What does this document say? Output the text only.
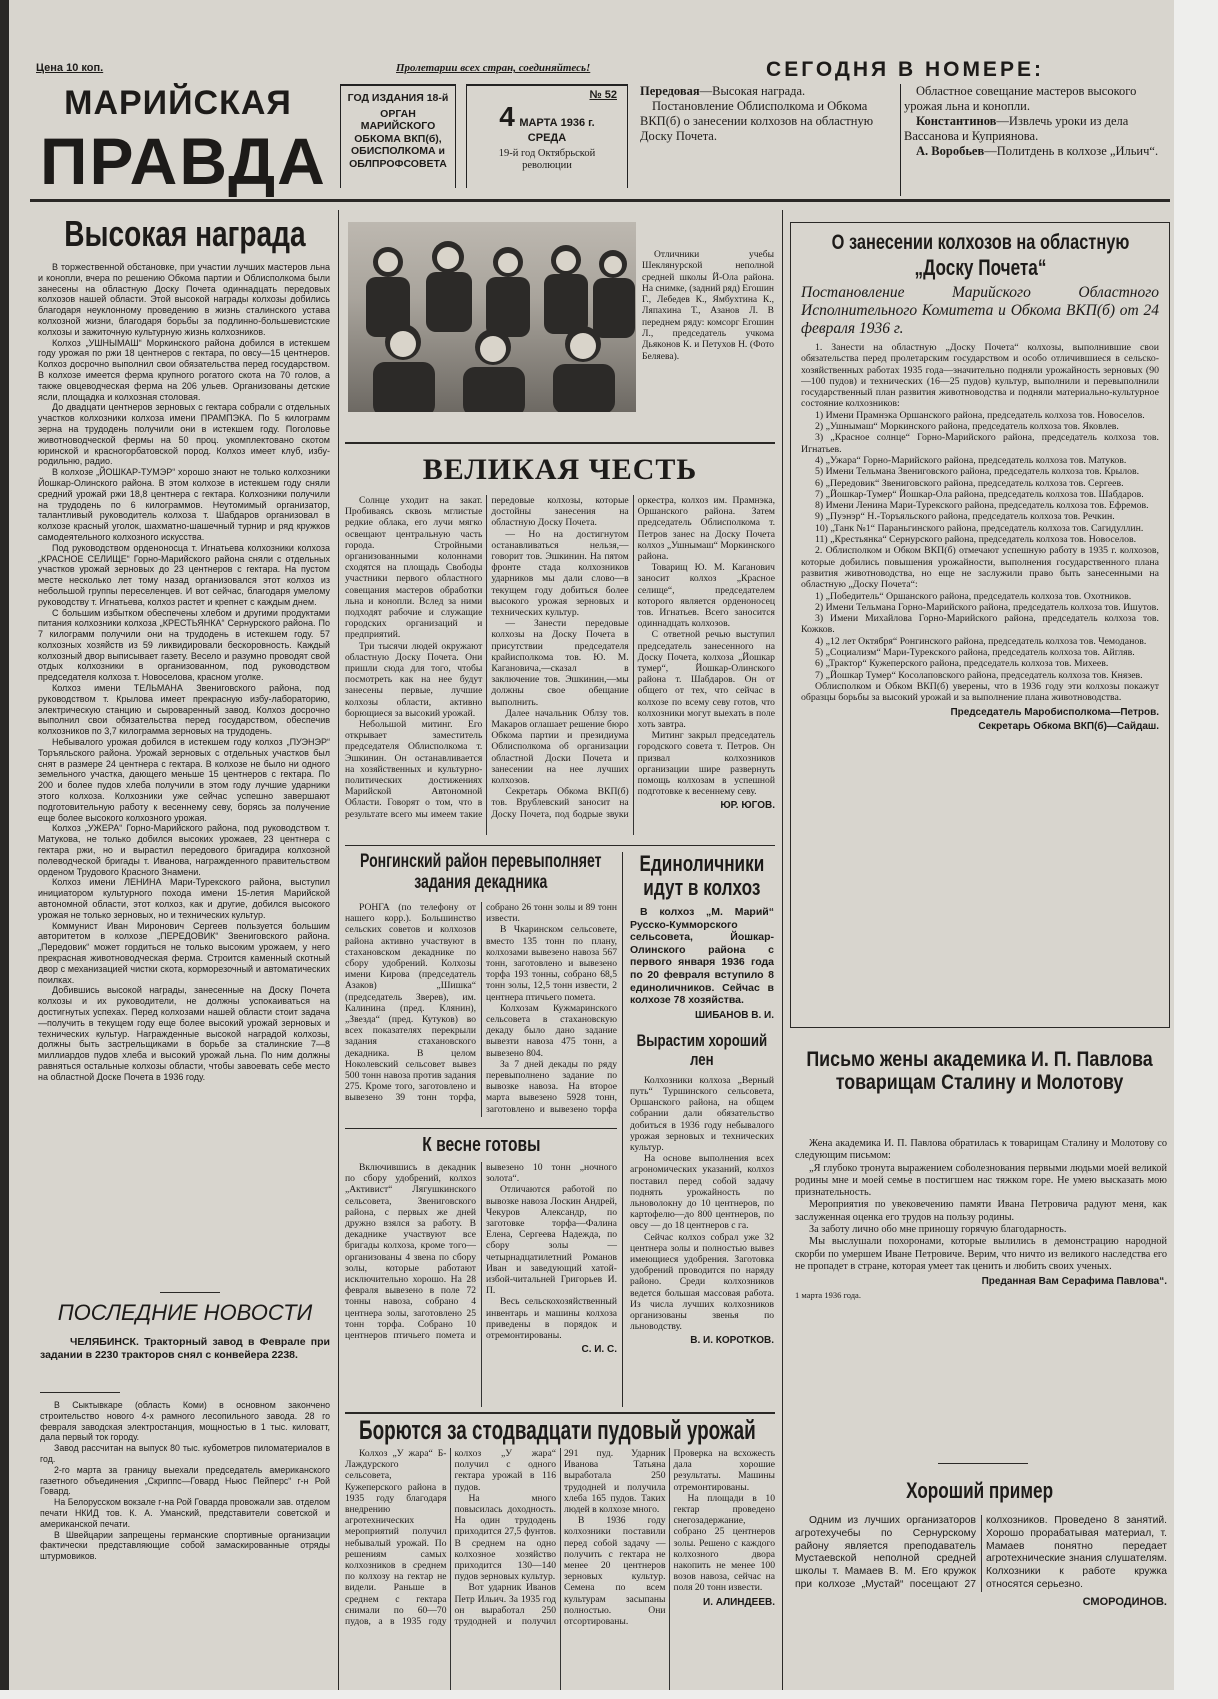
Цена 10 коп.	Пролетарии всех стран, соединяйтесь!
МАРИЙСКАЯ
ПРАВДА
ГОД ИЗДАНИЯ 18-й
ОРГАН
МАРИЙСКОГО
ОБКОМА ВКП(б),
ОБИСПОЛКОМА и
ОБЛПРОФСОВЕТА
№ 52
4 МАРТА 1936 г.
СРЕДА
19-й год Октябрьской революции
СЕГОДНЯ В НОМЕРЕ:

Передовая—Высокая награда.

Постановление Облисполкома и Обкома ВКП(б) о занесении колхозов на областную Доску Почета.

Областное совещание мастеров высокого урожая льна и конопли.

Константинов—Извлечь уроки из дела Вассанова и Куприянова.

А. Воробьев—Политдень в колхозе „Ильич“.

Высокая награда

В торжественной обстановке, при участии лучших мастеров льна и конопли, вчера по решению Обкома партии и Облисполкома были занесены на областную Доску Почета одиннадцать передовых колхозов нашей области. Этой высокой награды колхозы добились благодаря неуклонному проведению в жизнь сталинского устава колхозной жизни, благодаря борьбы за подлинно-большевистские колхозы и зажиточную культурную жизнь колхозников.

Колхоз „УШНЫМАШ“ Моркинского района добился в истекшем году урожая по ржи 18 центнеров с гектара, по овсу—15 центнеров. Колхоз досрочно выполнил свои обязательства перед государством. В колхозе имеется ферма крупного рогатого скота на 70 голов, а также овцеводческая ферма на 206 ульев. Организованы детские ясли, площадка и колхозная столовая.

До двадцати центнеров зерновых с гектара собрали с отдельных участков колхозники колхоза имени ПРАМПЭКА. По 5 килограмм зерна на трудодень получили они в истекшем году. Поголовье животноводческой фермы на 50 проц. укомплектовано скотом юринской и красногорбатовской пород. Колхоз имеет клуб, избу-родильню, радио.

В колхозе „ЙОШКАР-ТУМЭР“ хорошо знают не только колхозники Йошкар-Олинского района. В этом колхозе в истекшем году сняли средний урожай ржи 18,8 центнера с гектара. Колхозники получили на трудодень по 6 килограммов. Неутомимый организатор, талантливый руководитель колхоза т. Шабдаров организовал в колхозе красный уголок, шахматно-шашечный турнир и ряд кружков самодеятельного колхозного искусства.

Под руководством орденоносца т. Игнатьева колхозники колхоза „КРАСНОЕ СЕЛИЩЕ“ Горно-Марийского района сняли с отдельных участков урожай зерновых до 23 центнеров с гектара. На пустом месте несколько лет тому назад организовался этот колхоз из небольшой группы переселенцев. И вот сейчас, благодаря умелому руководству т. Игнатьева, колхоз растет и крепнет с каждым днем.

С большим избытком обеспечены хлебом и другими продуктами питания колхозники колхоза „КРЕСТЬЯНКА“ Сернурского района. По 7 килограмм получили они на трудодень в истекшем году. 57 колхозных хозяйств из 59 ликвидировали бескоровность. Каждый колхозный двор выписывает газету. Весело и разумно проводят свой отдых колхозники в организованном, под руководством председателя колхоза т. Новоселова, красном уголке.

Колхоз имени ТЕЛЬМАНА Звениговского района, под руководством т. Крылова имеет прекрасную избу-лабораторию, электрическую станцию и сыроваренный завод. Колхоз досрочно выполнил свои обязательства перед государством, обеспечив колхозников по 3,7 килограмма зерновых на трудодень.

Небывалого урожая добился в истекшем году колхоз „ПУЭНЭР“ Торъяльского района. Урожай зерновых с отдельных участков был снят в размере 24 центнера с гектара. В колхозе не было ни одного земельного участка, дающего меньше 15 центнеров с гектара. По 200 и более пудов хлеба получили в этом году лучшие ударники этого колхоза. Колхозники уже сейчас успешно завершают подготовительную работу к весеннему севу, борясь за получение еще более высокого колхозного урожая.

Колхоз „УЖЕРА“ Горно-Марийского района, под руководством т. Матукова, не только добился высоких урожаев, 23 центнера с гектара ржи, но и вырастил передового бригадира колхозной полеводческой бригады т. Иванова, награжденного правительством орденом Трудового Красного Знамени.

Колхоз имени ЛЕНИНА Мари-Турекского района, выступил инициатором культурного похода имени 15-летия Марийской автономной области, этот колхоз, как и другие, добился высокого урожая не только зерновых, но и технических культур.

Коммунист Иван Миронович Сергеев пользуется большим авторитетом в колхозе „ПЕРЕДОВИК“ Звениговского района. „Передовик“ может гордиться не только высоким урожаем, у него прекрасная животноводческая ферма. Строится каменный скотный двор с механизацией чистки скота, корморезочный и автоматических поилках.

Добившись высокой награды, занесенные на Доску Почета колхозы и их руководители, не должны успокаиваться на достигнутых успехах. Перед колхозами нашей области стоит задача—получить в текущем году еще более высокий урожай зерновых и технических культур. Награжденные высокой наградой колхозы, должны быть застрельщиками в борьбе за сталинские 7—8 миллиардов пудов хлеба и высокий урожай льна. По ним должны равняться остальные колхозы области, чтобы завоевать себе место на областной Доске Почета в 1936 году.

ПОСЛЕДНИЕ НОВОСТИ
ЧЕЛЯБИНСК. Тракторный завод в Феврале при задании в 2230 тракторов снял с конвейера 2238.

В Сыктывкаре (область Коми) в основном закончено строительство нового 4-х рамного лесопильного завода. 28 го февраля заводская электростанция, мощностью в 1 тыс. киловатт, дала первый ток городу.

Завод рассчитан на выпуск 80 тыс. кубометров пиломатериалов в год.

2-го марта за границу выехали председатель американского газетного объединения „Скриппс—Говард Ньюс Пейперс“ г-н Рой Говард.

На Белорусском вокзале г-на Рой Говарда провожали зав. отделом печати НКИД тов. К. А. Уманский, представители советской и американской печати.

В Швейцарии запрещены германские спортивные организации фактически представляющие собой замаскированные отряды штурмовиков.

Отличники учебы Шеклянурской неполной средней школы Й-Ола района. На снимке, (задний ряд) Егошин Г., Лебедев К., Ямбухтина К., Ляпахина Т., Азанов Л. В переднем ряду: комсорг Егошин Л., председатель учкома Дьяконов К. и Петухов Н. (Фото Беляева).
ВЕЛИКАЯ ЧЕСТЬ

Солнце уходит на закат. Пробиваясь сквозь мглистые редкие облака, его лучи мягко освещают центральную часть города. Стройными организованными колоннами сходятся на площадь Свободы участники первого областного совещания мастеров обработки льна и конопли. Вслед за ними подходят рабочие и служащие городских организаций и предприятий.

Три тысячи людей окружают областную Доску Почета. Они пришли сюда для того, чтобы посмотреть как на нее будут занесены первые, лучшие колхозы области, активно борющиеся за высокий урожай.

Небольшой митинг. Его открывает заместитель председателя Облисполкома т. Эшкинин. Он останавливается на хозяйственных и культурно-политических достижениях Марийской Автономной Области. Говорят о том, что в результате всего мы имеем такие передовые колхозы, которые достойны занесения на областную Доску Почета.

— Но на достигнутом останавливаться нельзя,—говорит тов. Эшкинин. На пятом фронте стада колхозников ударников мы дали слово—в текущем году добиться более высокого урожая зерновых и технических культур.

— Занести передовые колхозы на Доску Почета в присутствии председателя крайисполкома тов. Ю. М. Кагановича,—сказал в заключение тов. Эшкинин,—мы должны свое обещание выполнить.

Далее начальник Облзу тов. Макаров оглашает решение бюро Обкома партии и президиума Облисполкома об организации областной Доски Почета и занесении на нее лучших колхозов.

Секретарь Обкома ВКП(б) тов. Врублевский заносит на Доску Почета, под бодрые звуки оркестра, колхоз им. Прамнэка, Оршанского района. Затем председатель Облисполкома т. Петров занес на Доску Почета колхоз „Ушнымаш“ Моркинского района.

Товарищ Ю. М. Каганович заносит колхоз „Красное селище“, председателем которого является орденоносец тов. Игнатьев. Всего заносится одиннадцать колхозов.

С ответной речью выступил председатель занесенного на Доску Почета, колхоза „Йошкар тумер“, Йошкар-Олинского района т. Шабдаров. Он от общего от тех, что сейчас в колхозе по всему севу готов, что колхозники могут выехать в поле хоть завтра.

Митинг закрыл председатель городского совета т. Петров. Он призвал колхозников организации шире развернуть помощь колхозам в успешной подготовке к весеннему севу.

ЮР. ЮГОВ.
Ронгинский район перевыполняет задания декадника

РОНГА (по телефону от нашего корр.). Большинство сельских советов и колхозов района активно участвуют в стахановском декаднике по сбору удобрений. Колхозы имени Кирова (председатель Азаков) „Шишка“ (председатель Зверев), им. Калинина (пред. Клянин), „Звезда“ (пред. Кутуков) во всех показателях перекрыли задания стахановского декадника. В целом Ноколевский сельсовет вывез 500 тонн навоза против задания 275. Кроме того, заготовлено и вывезено 39 тонн торфа, собрано 26 тонн золы и 89 тонн извести.

В Чкаринском сельсовете, вместо 135 тонн по плану, колхозами вывезено навоза 567 тонн, заготовлено и вывезено торфа 193 тонны, собрано 68,5 тонн золы, 12,5 тонн извести, 2 центнера птичьего помета.

Колхозам Кужмаринского сельсовета в стахановскую декаду было дано задание вывезти навоза 475 тонн, а вывезено 804.

За 7 дней декады по ряду перевыполнено задание по вывозке навоза. На второе марта вывезено 5928 тонн, заготовлено и вывезено торфа

Единоличники идут в колхоз
В колхоз „М. Марий“ Русско-Кумморского сельсовета, Йошкар-Олинского района с первого января 1936 года по 20 февраля вступило 8 единоличников. Сейчас в колхозе 78 хозяйства.
ШИБАНОВ В. И.
Вырастим хороший лен

Колхозники колхоза „Верный путь“ Туршинского сельсовета, Оршанского района, на общем собрании дали обязательство добиться в 1936 году небывалого урожая зерновых и технических культур.

На основе выполнения всех агрономических указаний, колхоз поставил перед собой задачу поднять урожайность по льноволокну до 10 центнеров, по картофелю—до 800 центнеров, по овсу — до 18 центнеров с га.

Сейчас колхоз собрал уже 32 центнера золы и полностью вывез имеющиеся удобрения. Заготовка удобрений проводится по наряду районо. Среди колхозников ведется большая массовая работа. Из числа лучших колхозников организованы звенья по льноводству.

В. И. КОРОТКОВ.
К весне готовы

Включившись в декадник по сбору удобрений, колхоз „Активист“ Лягушкинского сельсовета, Звениговского района, с первых же дней дружно взялся за работу. В декаднике участвуют все бригады колхоза, кроме того—организованы 4 звена по сбору золы, которые работают исключительно хорошо. На 28 февраля вывезено в поле 72 тонны навоза, собрано 4 центнера золы, заготовлено 25 тонн торфа. Собрано 10 центнеров птичьего помета и вывезено 10 тонн „ночного золота“.

Отличаются работой по вывозке навоза Лоскин Андрей, Чекуров Александр, по заготовке торфа—Фалина Елена, Сергеева Надежда, по сбору золы — четырнадцатилетний Романов Иван и заведующий хатой-избой-читальней Григорьев И. П.

Весь сельскохозяйственный инвентарь и машины колхоза приведены в порядок и отремонтированы.

С. И. С.
Борются за стодвадцати пудовый урожай

Колхоз „У жара“ Б-Лаждурского сельсовета, Кужеперского района в 1935 году благодаря внедрению агротехнических мероприятий получил небывалый урожай. По решениям самых колхозников в среднем по колхозу на гектар не видели. Раньше в среднем с гектара снимали по 60—70 пудов, а в 1935 году колхоз „У жара“ получил с одного гектара урожай в 116 пудов.

На много повысилась доходность. На один трудодень приходится 27,5 фунтов. В среднем на одно колхозное хозяйство приходится 130—140 пудов зерновых культур.

Вот ударник Иванов Петр Ильич. За 1935 год он выработал 250 трудодней и получил 291 пуд. Ударник Иванова Татьяна выработала 250 трудодней и получила хлеба 165 пудов. Таких людей в колхозе много.

В 1936 году колхозники поставили перед собой задачу — получить с гектара не менее 20 центнеров зерновых культур. Семена по всем культурам засыпаны полностью. Они отсортированы. Проверка на всхожесть дала хорошие результаты. Машины отремонтированы.

На площади в 10 гектар проведено снегозадержание, собрано 25 центнеров золы. Решено с каждого колхозного двора накопить не менее 100 возов навоза, сейчас на поля 20 тонн извести.

И. АЛИНДЕЕВ.
О занесении колхозов на областную
„Доску Почета“
Постановление Марийского Областного Исполнительного Комитета и Обкома ВКП(б) от 24 февраля 1936 г.

1. Занести на областную „Доску Почета“ колхозы, выполнившие свои обязательства перед пролетарским государством и особо отличившиеся в сельско-хозяйственных работах 1935 года—значительно подняли урожайность зерновых (90—100 пудов) и технических (16—25 пудов) культур, выполнили и перевыполнили государственный план развития животноводства и подняли материально-культурное состояние колхозников:

1) Имени Прамнэка Оршанского района, председатель колхоза тов. Новоселов.

2) „Ушнымаш“ Моркинского района, председатель колхоза тов. Яковлев.

3) „Красное солнце“ Горно-Марийского района, председатель колхоза тов. Игнатьев.

4) „Ужара“ Горно-Марийского района, председатель колхоза тов. Матуков.

5) Имени Тельмана Звениговского района, председатель колхоза тов. Крылов.

6) „Передовик“ Звениговского района, председатель колхоза тов. Сергеев.

7) „Йошкар-Тумер“ Йошкар-Ола района, председатель колхоза тов. Шабдаров.

8) Имени Ленина Мари-Турекского района, председатель колхоза тов. Ефремов.

9) „Пуэнэр“ Н.-Торъяльского района, председатель колхоза тов. Речкин.

10) „Танк №1“ Параньгинского района, председатель колхоза тов. Сагидуллин.

11) „Крестьянка“ Сернурского района, председатель колхоза тов. Новоселов.

2. Облисполком и Обком ВКП(б) отмечают успешную работу в 1935 г. колхозов, которые добились повышения урожайности, выполнения государственного плана развития животноводства, но еще не заслужили право быть занесенными на областную „Доску Почета“:

1) „Победитель“ Оршанского района, председатель колхоза тов. Охотников.

2) Имени Тельмана Горно-Марийского района, председатель колхоза тов. Ишутов.

3) Имени Михайлова Горно-Марийского района, председатель колхоза тов. Кожков.

4) „12 лет Октября“ Ронгинского района, председатель колхоза тов. Чемоданов.

5) „Социализм“ Мари-Турекского района, председатель колхоза тов. Айгляв.

6) „Трактор“ Кужеперского района, председатель колхоза тов. Михеев.

7) „Йошкар Тумер“ Косолаповского района, председатель колхоза тов. Князев.

Облисполком и Обком ВКП(б) уверены, что в 1936 году эти колхозы покажут образцы борьбы за высокий урожай и за выполнение плана животноводства.

Председатель Маробисполкома—Петров.
Секретарь Обкома ВКП(б)—Сайдаш.
Письмо жены академика И. П. Павлова товарищам Сталину и Молотову

Жена академика И. П. Павлова обратилась к товарищам Сталину и Молотову со следующим письмом:

„Я глубоко тронута выражением соболезнования первыми людьми моей великой родины мне и моей семье в постигшем нас тяжком горе. Не умею высказать мою признательность.

Мероприятия по увековечению памяти Ивана Петровича радуют меня, как заслуженная оценка его трудов на пользу родины.

За заботу лично обо мне приношу горячую благодарность.

Мы выслушали похоронами, которые вылились в демонстрацию народной скорби по умершем Иване Петровиче. Верим, что ничто из великого наследства его не пропадет в стране, которая умеет так ценить и любить своих ученых.

Преданная Вам Серафима Павлова“.
1 марта 1936 года.
Хороший пример

Одним из лучших организаторов агротехучебы по Сернурскому району является преподаватель Мустаевской неполной средней школы т. Мамаев В. М. Его кружок при колхозе „Мустай“ посещают 27 колхозников. Проведено 8 занятий. Хорошо прорабатывая материал, т. Мамаев понятно передает агротехнические знания слушателям. Колхозники к работе кружка относятся серьезно.

СМОРОДИНОВ.
